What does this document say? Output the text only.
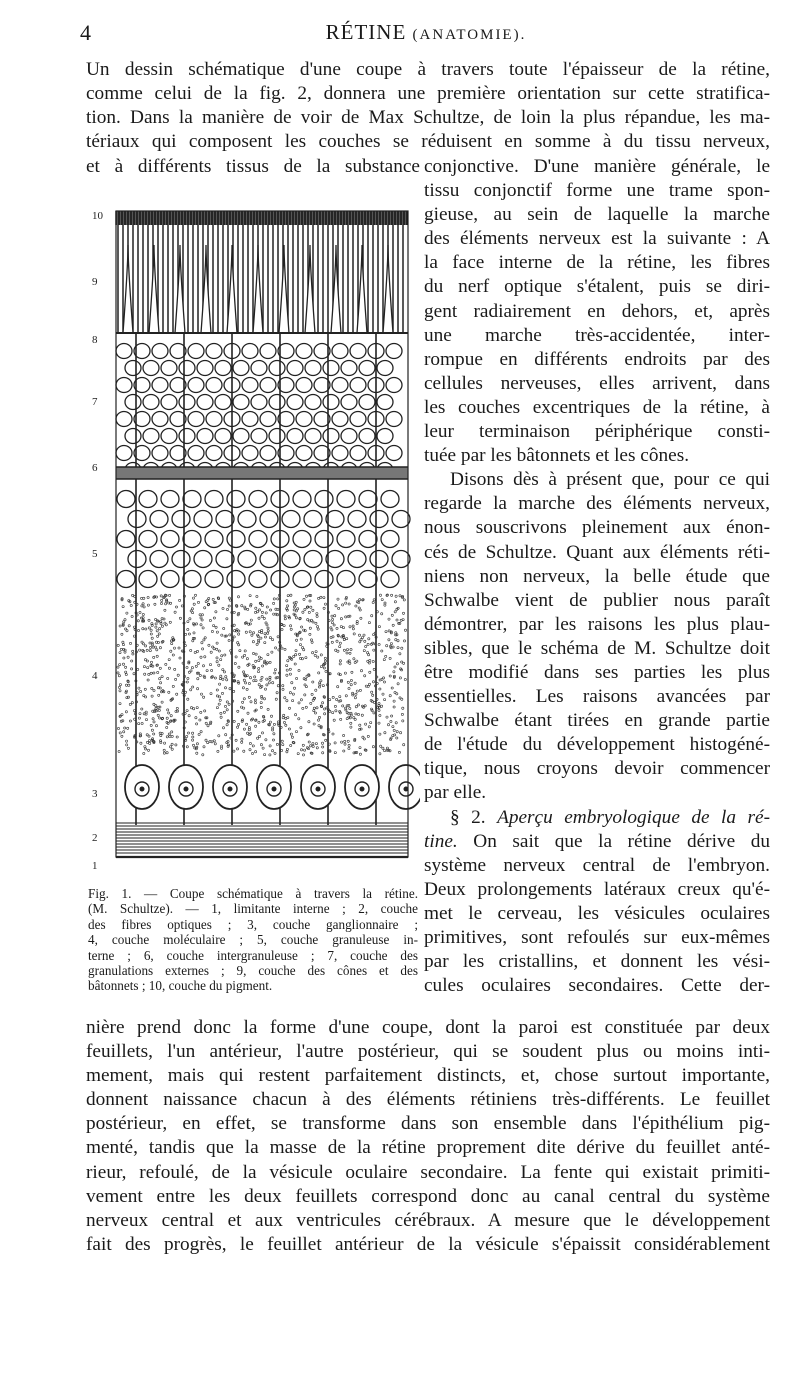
4	RÉTINE (ANATOMIE).
Un dessin schématique d'une coupe à travers toute l'épaisseur de la rétine,
comme celui de la fig. 2, donnera une première orientation sur cette stratifica-
tion. Dans la manière de voir de Max Schultze, de loin la plus répandue, les ma-
tériaux qui composent les couches se réduisent en somme à du tissu nerveux,
et à différents tissus de la substance conjonctive. D'une manière générale, le
tissu conjonctif forme une trame spon-
gieuse, au sein de laquelle la marche
des éléments nerveux est la suivante : A
la face interne de la rétine, les fibres
du nerf optique s'étalent, puis se diri-
gent radiairement en dehors, et, après
une marche très-accidentée, inter-
rompue en différents endroits par des
cellules nerveuses, elles arrivent, dans
les couches excentriques de la rétine, à
leur terminaison périphérique consti-
tuée par les bâtonnets et les cônes.
Disons dès à présent que, pour ce qui
regarde la marche des éléments nerveux,
nous souscrivons pleinement aux énon-
cés de Schultze. Quant aux éléments réti-
niens non nerveux, la belle étude que
Schwalbe vient de publier nous paraît
démontrer, par les raisons les plus plau-
sibles, que le schéma de M. Schultze doit
être modifié dans ses parties les plus
essentielles. Les raisons avancées par
Schwalbe étant tirées en grande partie
de l'étude du développement histogéné-
tique, nous croyons devoir commencer
par elle.
§ 2. Aperçu embryologique de la ré-
tine. On sait que la rétine dérive du
système nerveux central de l'embryon.
Deux prolongements latéraux creux qu'é-
met le cerveau, les vésicules oculaires
primitives, sont refoulés sur eux-mêmes
par les cristallins, et donnent les vési-
cules oculaires secondaires. Cette der-
10
9
8
7
6
5
4
3
2
1
Fig. 1. — Coupe schématique à travers la rétine.
(M. Schultze). — 1, limitante interne ; 2, couche
des fibres optiques ; 3, couche ganglionnaire ;
4, couche moléculaire ; 5, couche granuleuse in-
terne ; 6, couche intergranuleuse ; 7, couche des
granulations externes ; 9, couche des cônes et des
bâtonnets ; 10, couche du pigment.
nière prend donc la forme d'une coupe, dont la paroi est constituée par deux
feuillets, l'un antérieur, l'autre postérieur, qui se soudent plus ou moins inti-
mement, mais qui restent parfaitement distincts, et, chose surtout importante,
donnent naissance chacun à des éléments rétiniens très-différents. Le feuillet
postérieur, en effet, se transforme dans son ensemble dans l'épithélium pig-
menté, tandis que la masse de la rétine proprement dite dérive du feuillet anté-
rieur, refoulé, de la vésicule oculaire secondaire. La fente qui existait primiti-
vement entre les deux feuillets correspond donc au canal central du système
nerveux central et aux ventricules cérébraux. A mesure que le développement
fait des progrès, le feuillet antérieur de la vésicule s'épaissit considérablement
